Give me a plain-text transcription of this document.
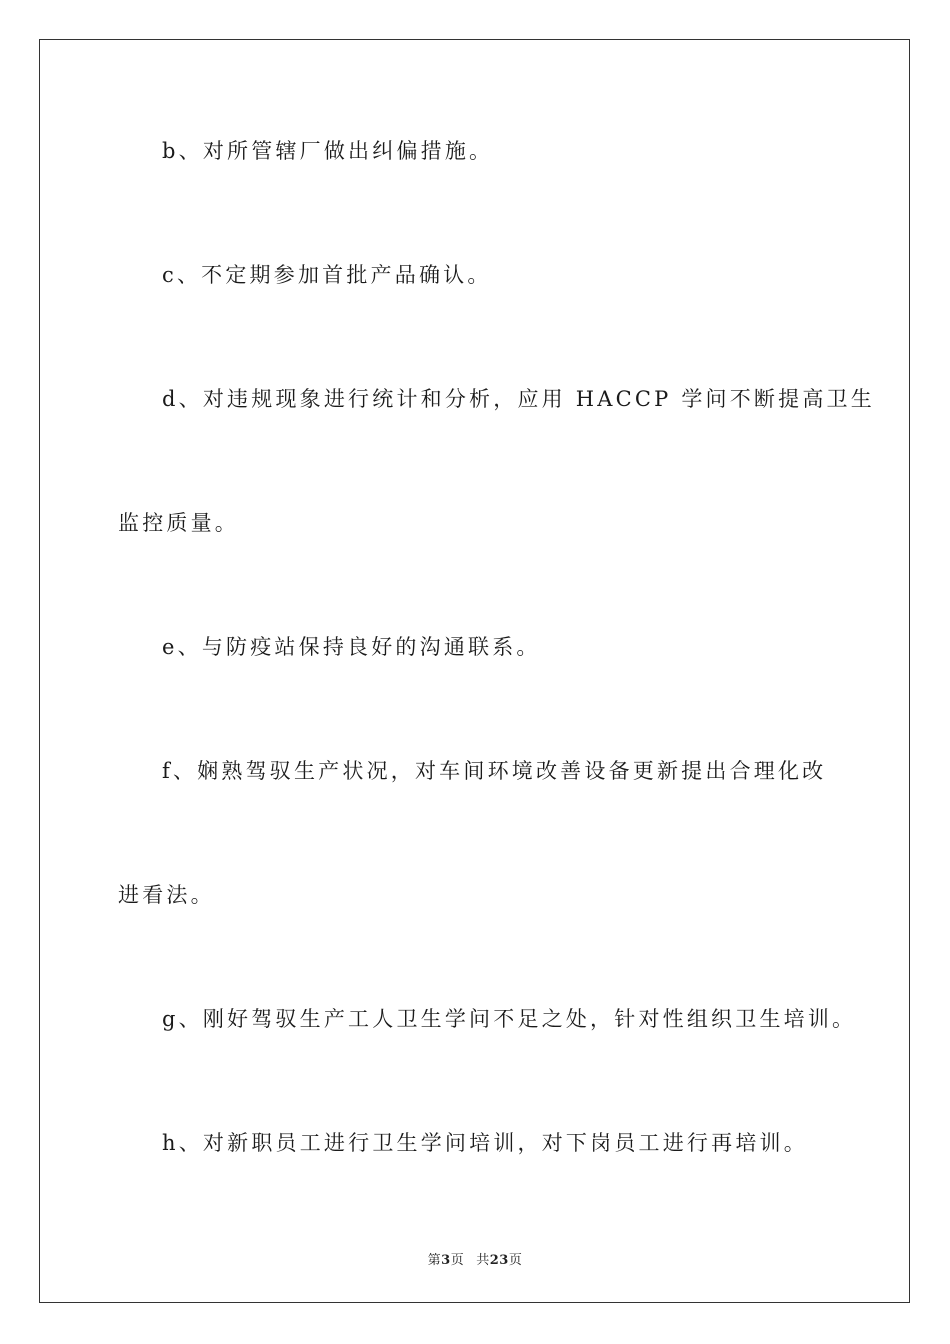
b、对所管辖厂做出纠偏措施。
c、不定期参加首批产品确认。
d、对违规现象进行统计和分析，应用 HACCP 学问不断提高卫生
监控质量。
e、与防疫站保持良好的沟通联系。
f、娴熟驾驭生产状况，对车间环境改善设备更新提出合理化改
进看法。
g、刚好驾驭生产工人卫生学问不足之处，针对性组织卫生培训。
h、对新职员工进行卫生学问培训，对下岗员工进行再培训。
第3页 共23页
